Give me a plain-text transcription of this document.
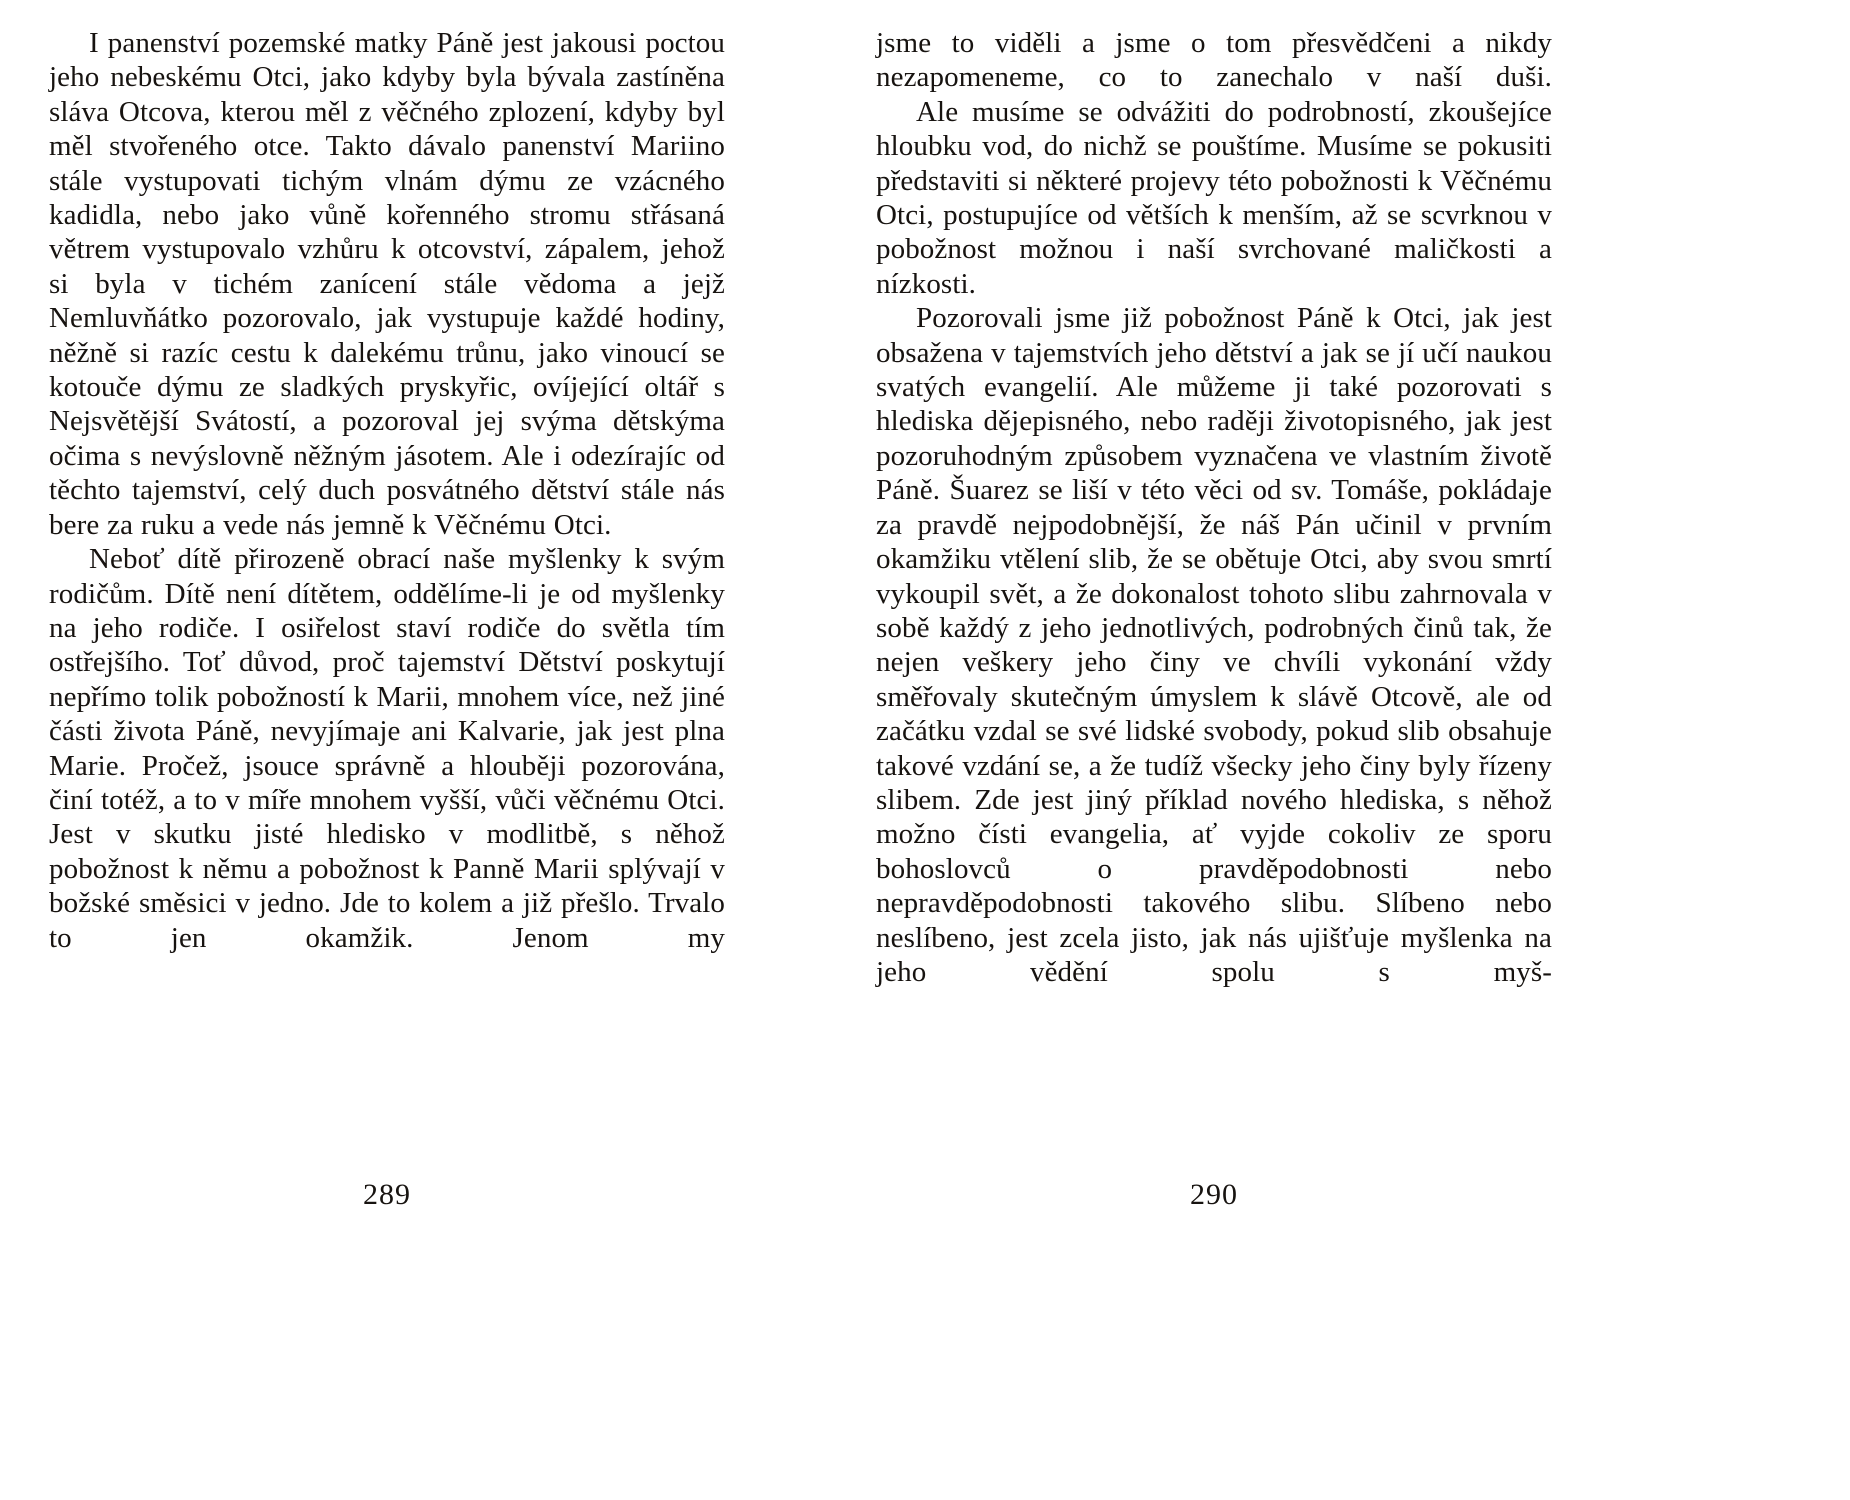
I panenství pozemské matky Páně jest jakousi poctou jeho nebeskému Otci, jako kdyby byla bývala zastíněna sláva Otcova, kterou měl z věčného zplození, kdyby byl měl stvořeného otce. Takto dávalo panenství Mariino stále vystupovati tichým vlnám dýmu ze vzácného kadidla, nebo jako vůně kořenného stromu střásaná větrem vystupovalo vzhůru k otcovství, zápalem, jehož si byla v tichém zanícení stále vědoma a jejž Nemluvňátko pozorovalo, jak vystupuje každé hodiny, něžně si razíc cestu k dalekému trůnu, jako vinoucí se kotouče dýmu ze sladkých pryskyřic, ovíjející oltář s Nejsvětější Svátostí, a pozoroval jej svýma dětskýma očima s nevýslovně něžným jásotem. Ale i odezírajíc od těchto tajemství, celý duch posvátného dětství stále nás bere za ruku a vede nás jemně k Věčnému Otci.

Neboť dítě přirozeně obrací naše myšlenky k svým rodičům. Dítě není dítětem, oddělíme-li je od myšlenky na jeho rodiče. I osiřelost staví rodiče do světla tím ostřejšího. Toť důvod, proč tajemství Dětství poskytují nepřímo tolik pobožností k Marii, mnohem více, než jiné části života Páně, nevyjímaje ani Kalvarie, jak jest plna Marie. Pročež, jsouce správně a hlouběji pozorována, činí totéž, a to v míře mnohem vyšší, vůči věčnému Otci. Jest v skutku jisté hledisko v modlitbě, s něhož pobožnost k němu a pobožnost k Panně Marii splývají v božské směsici v jedno. Jde to kolem a již přešlo. Trvalo to jen okamžik. Jenom my

289

jsme to viděli a jsme o tom přesvědčeni a nikdy nezapomeneme, co to zanechalo v naší duši.

Ale musíme se odvážiti do podrobností, zkoušejíce hloubku vod, do nichž se pouštíme. Musíme se pokusiti představiti si některé projevy této pobožnosti k Věčnému Otci, postupujíce od větších k menším, až se scvrknou v pobožnost možnou i naší svrchované maličkosti a nízkosti.

Pozorovali jsme již pobožnost Páně k Otci, jak jest obsažena v tajemstvích jeho dětství a jak se jí učí naukou svatých evangelií. Ale můžeme ji také pozorovati s hlediska dějepisného, nebo raději životopisného, jak jest pozoruhodným způsobem vyznačena ve vlastním životě Páně. Šuarez se liší v této věci od sv. Tomáše, pokládaje za pravdě nejpodobnější, že náš Pán učinil v prvním okamžiku vtělení slib, že se obětuje Otci, aby svou smrtí vykoupil svět, a že dokonalost tohoto slibu zahrnovala v sobě každý z jeho jednotlivých, podrobných činů tak, že nejen veškery jeho činy ve chvíli vykonání vždy směřovaly skutečným úmyslem k slávě Otcově, ale od začátku vzdal se své lidské svobody, pokud slib obsahuje takové vzdání se, a že tudíž všecky jeho činy byly řízeny slibem. Zde jest jiný příklad nového hlediska, s něhož možno čísti evangelia, ať vyjde cokoliv ze sporu bohoslovců o pravděpodobnosti nebo nepravděpodobnosti takového slibu. Slíbeno nebo neslíbeno, jest zcela jisto, jak nás ujišťuje myšlenka na jeho vědění spolu s myš-

290
